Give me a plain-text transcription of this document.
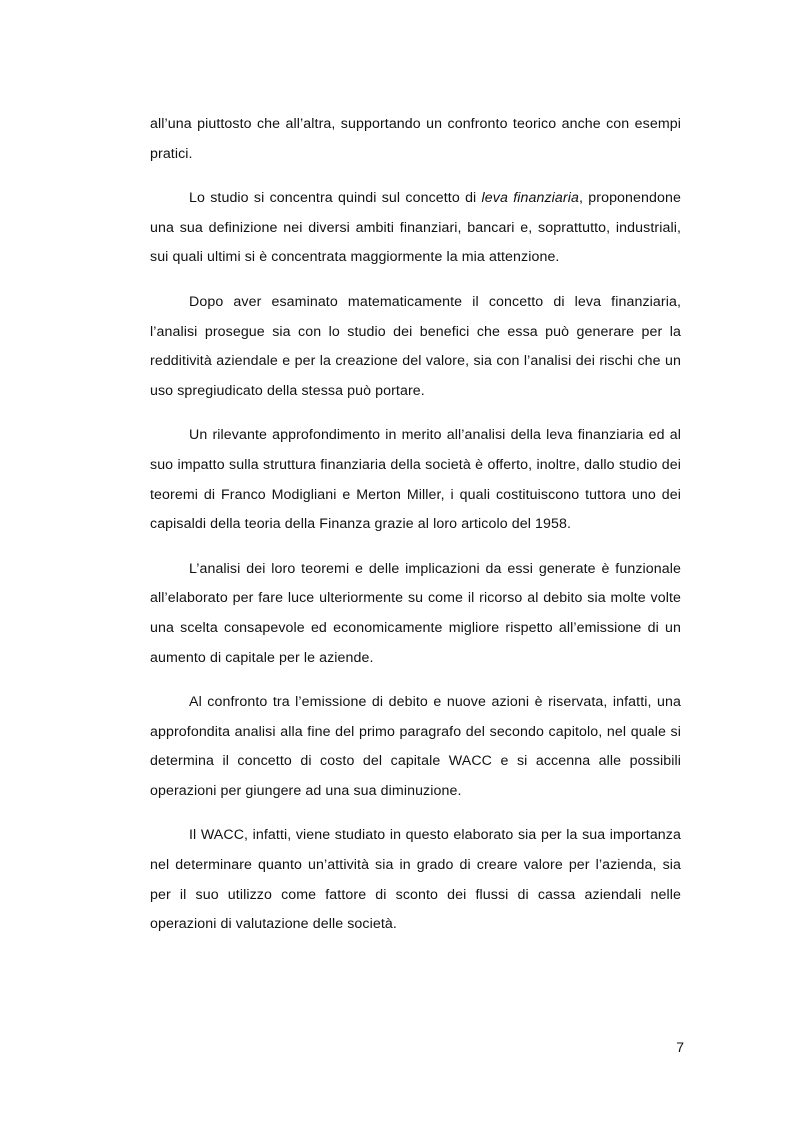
all’una piuttosto che all’altra, supportando un confronto teorico anche con esempi pratici.

Lo studio si concentra quindi sul concetto di leva finanziaria, proponendone una sua definizione nei diversi ambiti finanziari, bancari e, soprattutto, industriali, sui quali ultimi si è concentrata maggiormente la mia attenzione.

Dopo aver esaminato matematicamente il concetto di leva finanziaria, l’analisi prosegue sia con lo studio dei benefici che essa può generare per la redditività aziendale e per la creazione del valore, sia con l’analisi dei rischi che un uso spregiudicato della stessa può portare.

Un rilevante approfondimento in merito all’analisi della leva finanziaria ed al suo impatto sulla struttura finanziaria della società è offerto, inoltre, dallo studio dei teoremi di Franco Modigliani e Merton Miller, i quali costituiscono tuttora uno dei capisaldi della teoria della Finanza grazie al loro articolo del 1958.

L’analisi dei loro teoremi e delle implicazioni da essi generate è funzionale all’elaborato per fare luce ulteriormente su come il ricorso al debito sia molte volte una scelta consapevole ed economicamente migliore rispetto all’emissione di un aumento di capitale per le aziende.

Al confronto tra l’emissione di debito e nuove azioni è riservata, infatti, una approfondita analisi alla fine del primo paragrafo del secondo capitolo, nel quale si determina il concetto di costo del capitale WACC e si accenna alle possibili operazioni per giungere ad una sua diminuzione.

Il WACC, infatti, viene studiato in questo elaborato sia per la sua importanza nel determinare quanto un’attività sia in grado di creare valore per l’azienda, sia per il suo utilizzo come fattore di sconto dei flussi di cassa aziendali nelle operazioni di valutazione delle società.

7
